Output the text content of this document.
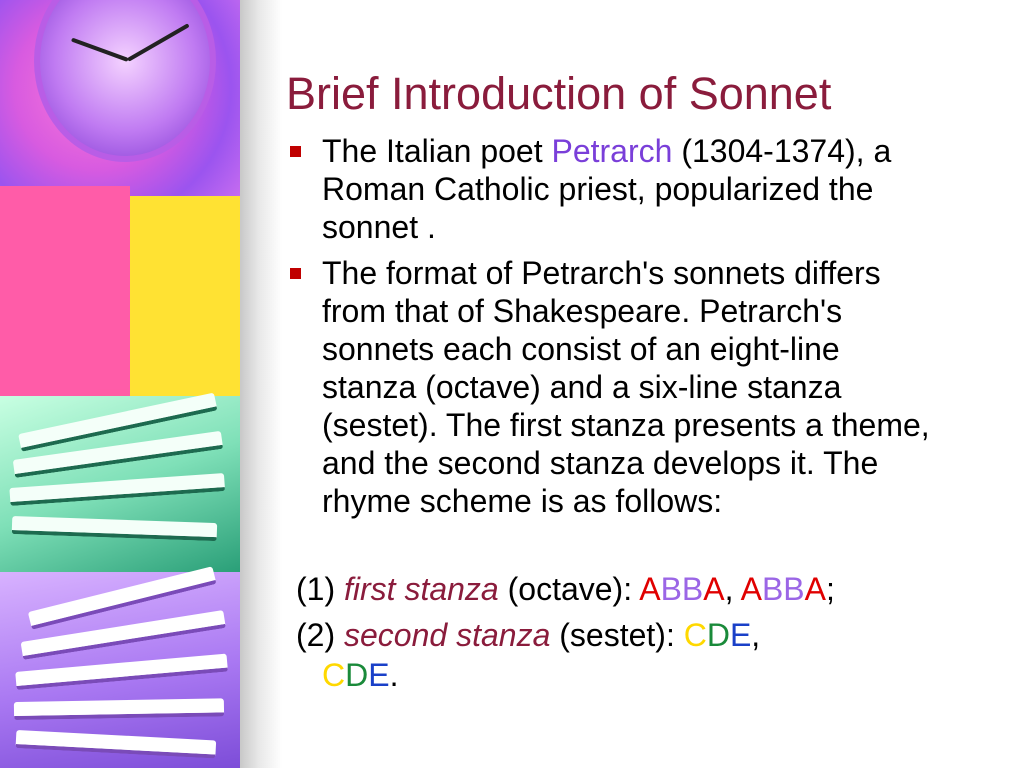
Brief Introduction of Sonnet
The Italian poet Petrarch (1304-1374), a Roman Catholic priest, popularized the sonnet .
The format of Petrarch's sonnets differs from that of Shakespeare. Petrarch's sonnets each consist of an eight-line stanza (octave) and a six-line stanza (sestet). The first stanza presents a theme, and the second stanza develops it. The rhyme scheme is as follows:
(1) first stanza (octave): ABBA, ABBA;
(2) second stanza (sestet): CDE,
CDE.
